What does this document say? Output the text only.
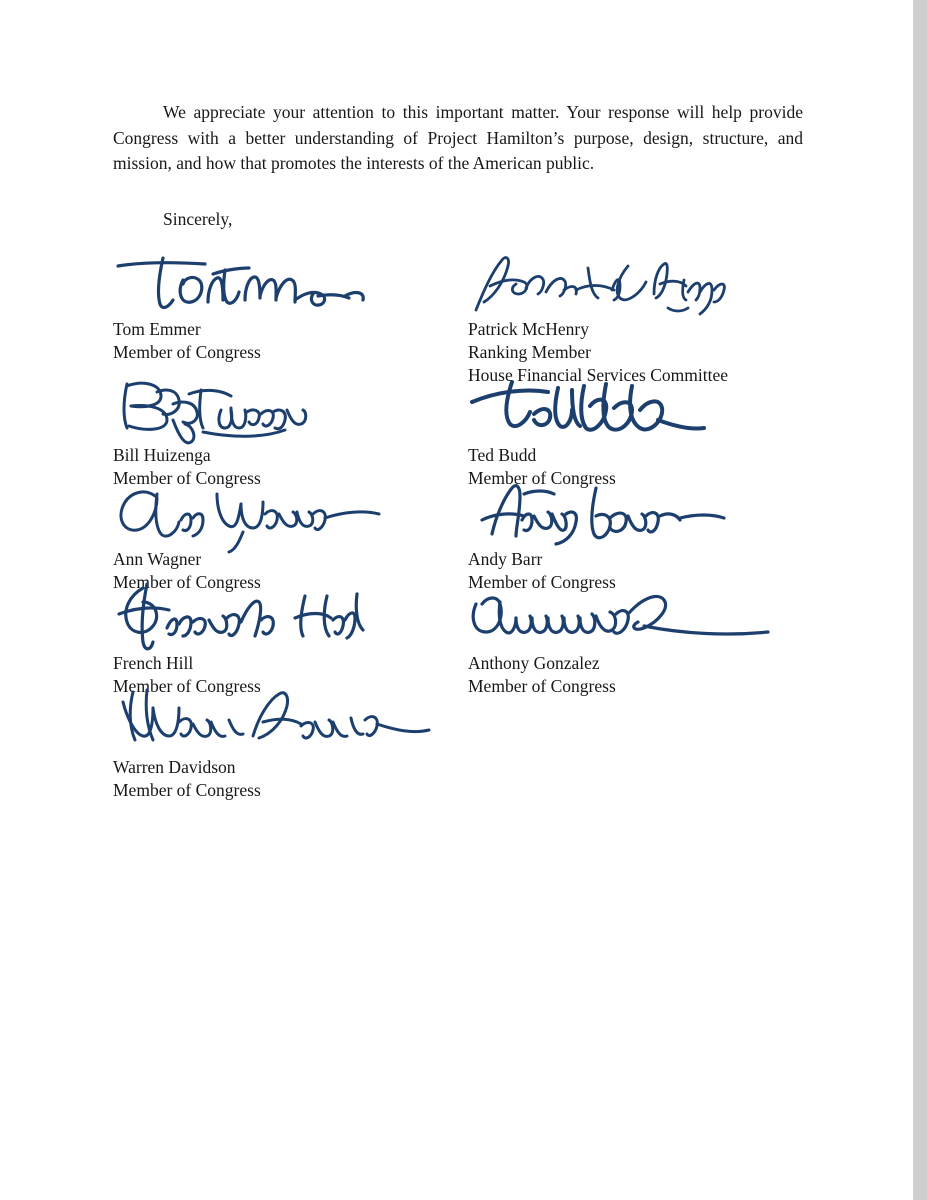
We appreciate your attention to this important matter. Your response will help provide Congress with a better understanding of Project Hamilton’s purpose, design, structure, and mission, and how that promotes the interests of the American public.

Sincerely,
Tom Emmer
Member of Congress
Patrick McHenry
Ranking Member
House Financial Services Committee
Bill Huizenga
Member of Congress
Ted Budd
Member of Congress
Ann Wagner
Member of Congress
Andy Barr
Member of Congress
French Hill
Member of Congress
Anthony Gonzalez
Member of Congress
Warren Davidson
Member of Congress
